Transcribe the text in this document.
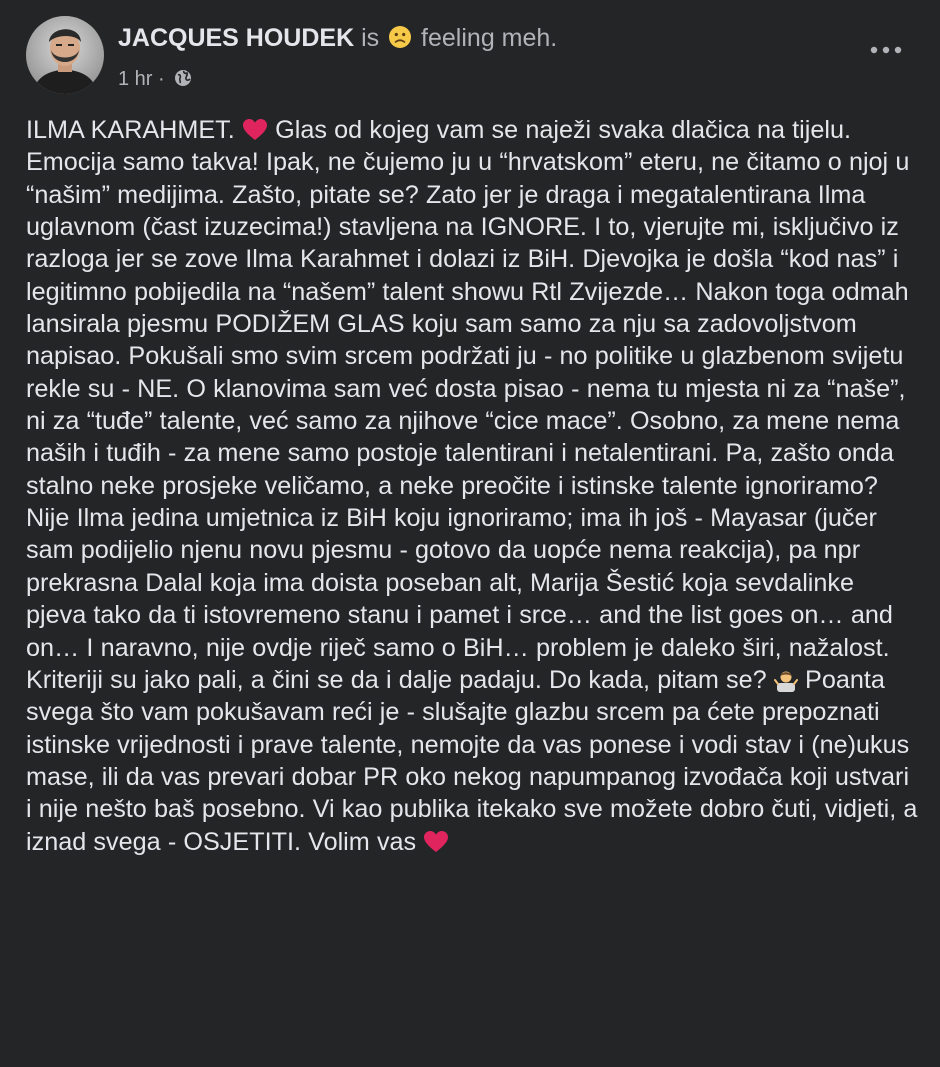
JACQUES HOUDEK is  feeling meh.
1 hr ·
ILMA KARAHMET.  Glas od kojeg vam se naježi svaka dlačica na tijelu. Emocija samo takva! Ipak, ne čujemo ju u “hrvatskom” eteru, ne čitamo o njoj u “našim” medijima. Zašto, pitate se? Zato jer je draga i megatalentirana Ilma uglavnom (čast izuzecima!) stavljena na IGNORE. I to, vjerujte mi, isključivo iz razloga jer se zove Ilma Karahmet i dolazi iz BiH. Djevojka je došla “kod nas” i legitimno pobijedila na “našem” talent showu Rtl Zvijezde… Nakon toga odmah lansirala pjesmu PODIŽEM GLAS koju sam samo za nju sa zadovoljstvom napisao. Pokušali smo svim srcem podržati ju - no politike u glazbenom svijetu rekle su - NE. O klanovima sam već dosta pisao - nema tu mjesta ni za “naše”, ni za “tuđe” talente, već samo za njihove “cice mace”. Osobno, za mene nema naših i tuđih - za mene samo postoje talentirani i netalentirani. Pa, zašto onda stalno neke prosjeke veličamo, a neke preočite i istinske talente ignoriramo? Nije Ilma jedina umjetnica iz BiH koju ignoriramo; ima ih još - Mayasar (jučer sam podijelio njenu novu pjesmu - gotovo da uopće nema reakcija), pa npr prekrasna Dalal koja ima doista poseban alt, Marija Šestić koja sevdalinke pjeva tako da ti istovremeno stanu i pamet i srce… and the list goes on… and on… I naravno, nije ovdje riječ samo o BiH… problem je daleko širi, nažalost. Kriteriji su jako pali, a čini se da i dalje padaju. Do kada, pitam se?  Poanta svega što vam pokušavam reći je - slušajte glazbu srcem pa ćete prepoznati istinske vrijednosti i prave talente, nemojte da vas ponese i vodi stav i (ne)ukus mase, ili da vas prevari dobar PR oko nekog napumpanog izvođača koji ustvari i nije nešto baš posebno. Vi kao publika itekako sve možete dobro čuti, vidjeti, a iznad svega - OSJETITI. Volim vas
